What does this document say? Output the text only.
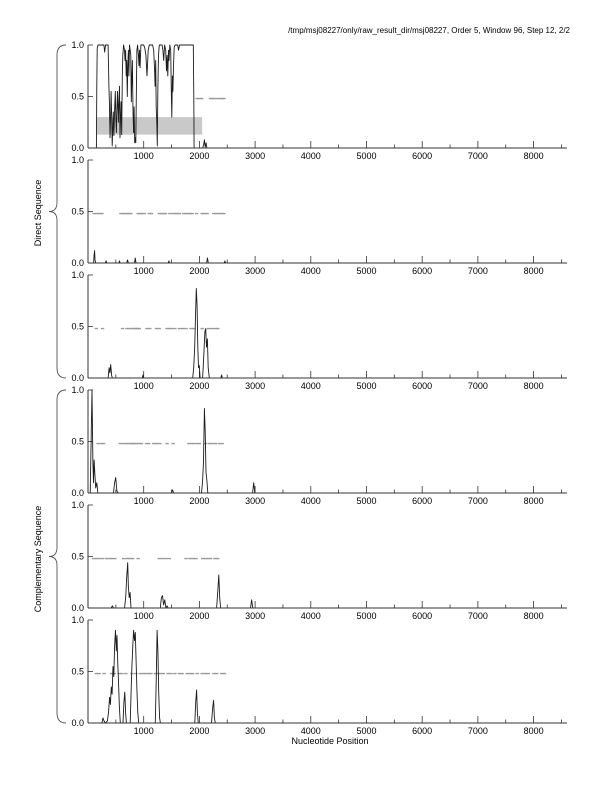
/tmp/msj08227/only/raw_result_dir/msj08227, Order 5, Window 96, Step 12, 2/2
Direct Sequence
Complementary Sequence
Nucleotide Position
1000	2000	3000	4000	5000	6000	7000	8000
0.0
0.5
1.0
1000	2000	3000	4000	5000	6000	7000	8000
0.0
0.5
1.0
1000	2000	3000	4000	5000	6000	7000	8000
0.0
0.5
1.0
1000	2000	3000	4000	5000	6000	7000	8000
0.0
0.5
1.0
1000	2000	3000	4000	5000	6000	7000	8000
0.0
0.5
1.0
1000	2000	3000	4000	5000	6000	7000	8000
0.0
0.5
1.0
